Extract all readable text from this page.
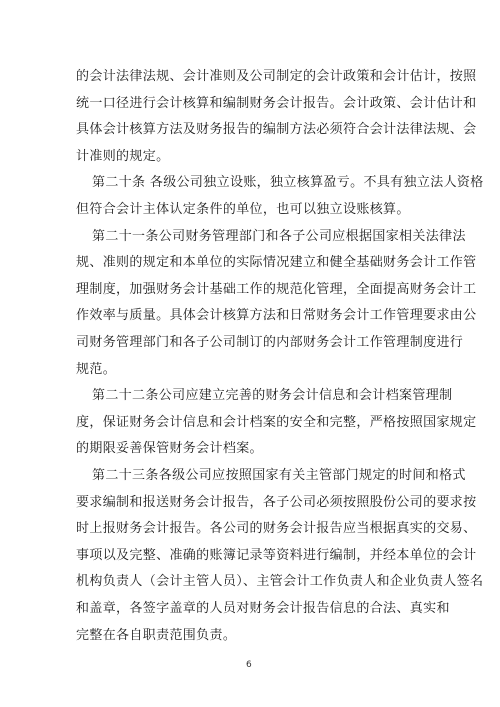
的会计法律法规、会计准则及公司制定的会计政策和会计估计，按照
统一口径进行会计核算和编制财务会计报告。会计政策、会计估计和
具体会计核算方法及财务报告的编制方法必须符合会计法律法规、会
计准则的规定。
第二十条 各级公司独立设账，独立核算盈亏。不具有独立法人资格
但符合会计主体认定条件的单位，也可以独立设账核算。
第二十一条公司财务管理部门和各子公司应根据国家相关法律法
规、准则的规定和本单位的实际情况建立和健全基础财务会计工作管
理制度，加强财务会计基础工作的规范化管理，全面提高财务会计工
作效率与质量。具体会计核算方法和日常财务会计工作管理要求由公
司财务管理部门和各子公司制订的内部财务会计工作管理制度进行
规范。
第二十二条公司应建立完善的财务会计信息和会计档案管理制
度，保证财务会计信息和会计档案的安全和完整，严格按照国家规定
的期限妥善保管财务会计档案。
第二十三条各级公司应按照国家有关主管部门规定的时间和格式
要求编制和报送财务会计报告，各子公司必须按照股份公司的要求按
时上报财务会计报告。各公司的财务会计报告应当根据真实的交易、
事项以及完整、准确的账簿记录等资料进行编制，并经本单位的会计
机构负责人（会计主管人员）、主管会计工作负责人和企业负责人签名
和盖章，各签字盖章的人员对财务会计报告信息的合法、真实和
6
完整在各自职责范围负责。
